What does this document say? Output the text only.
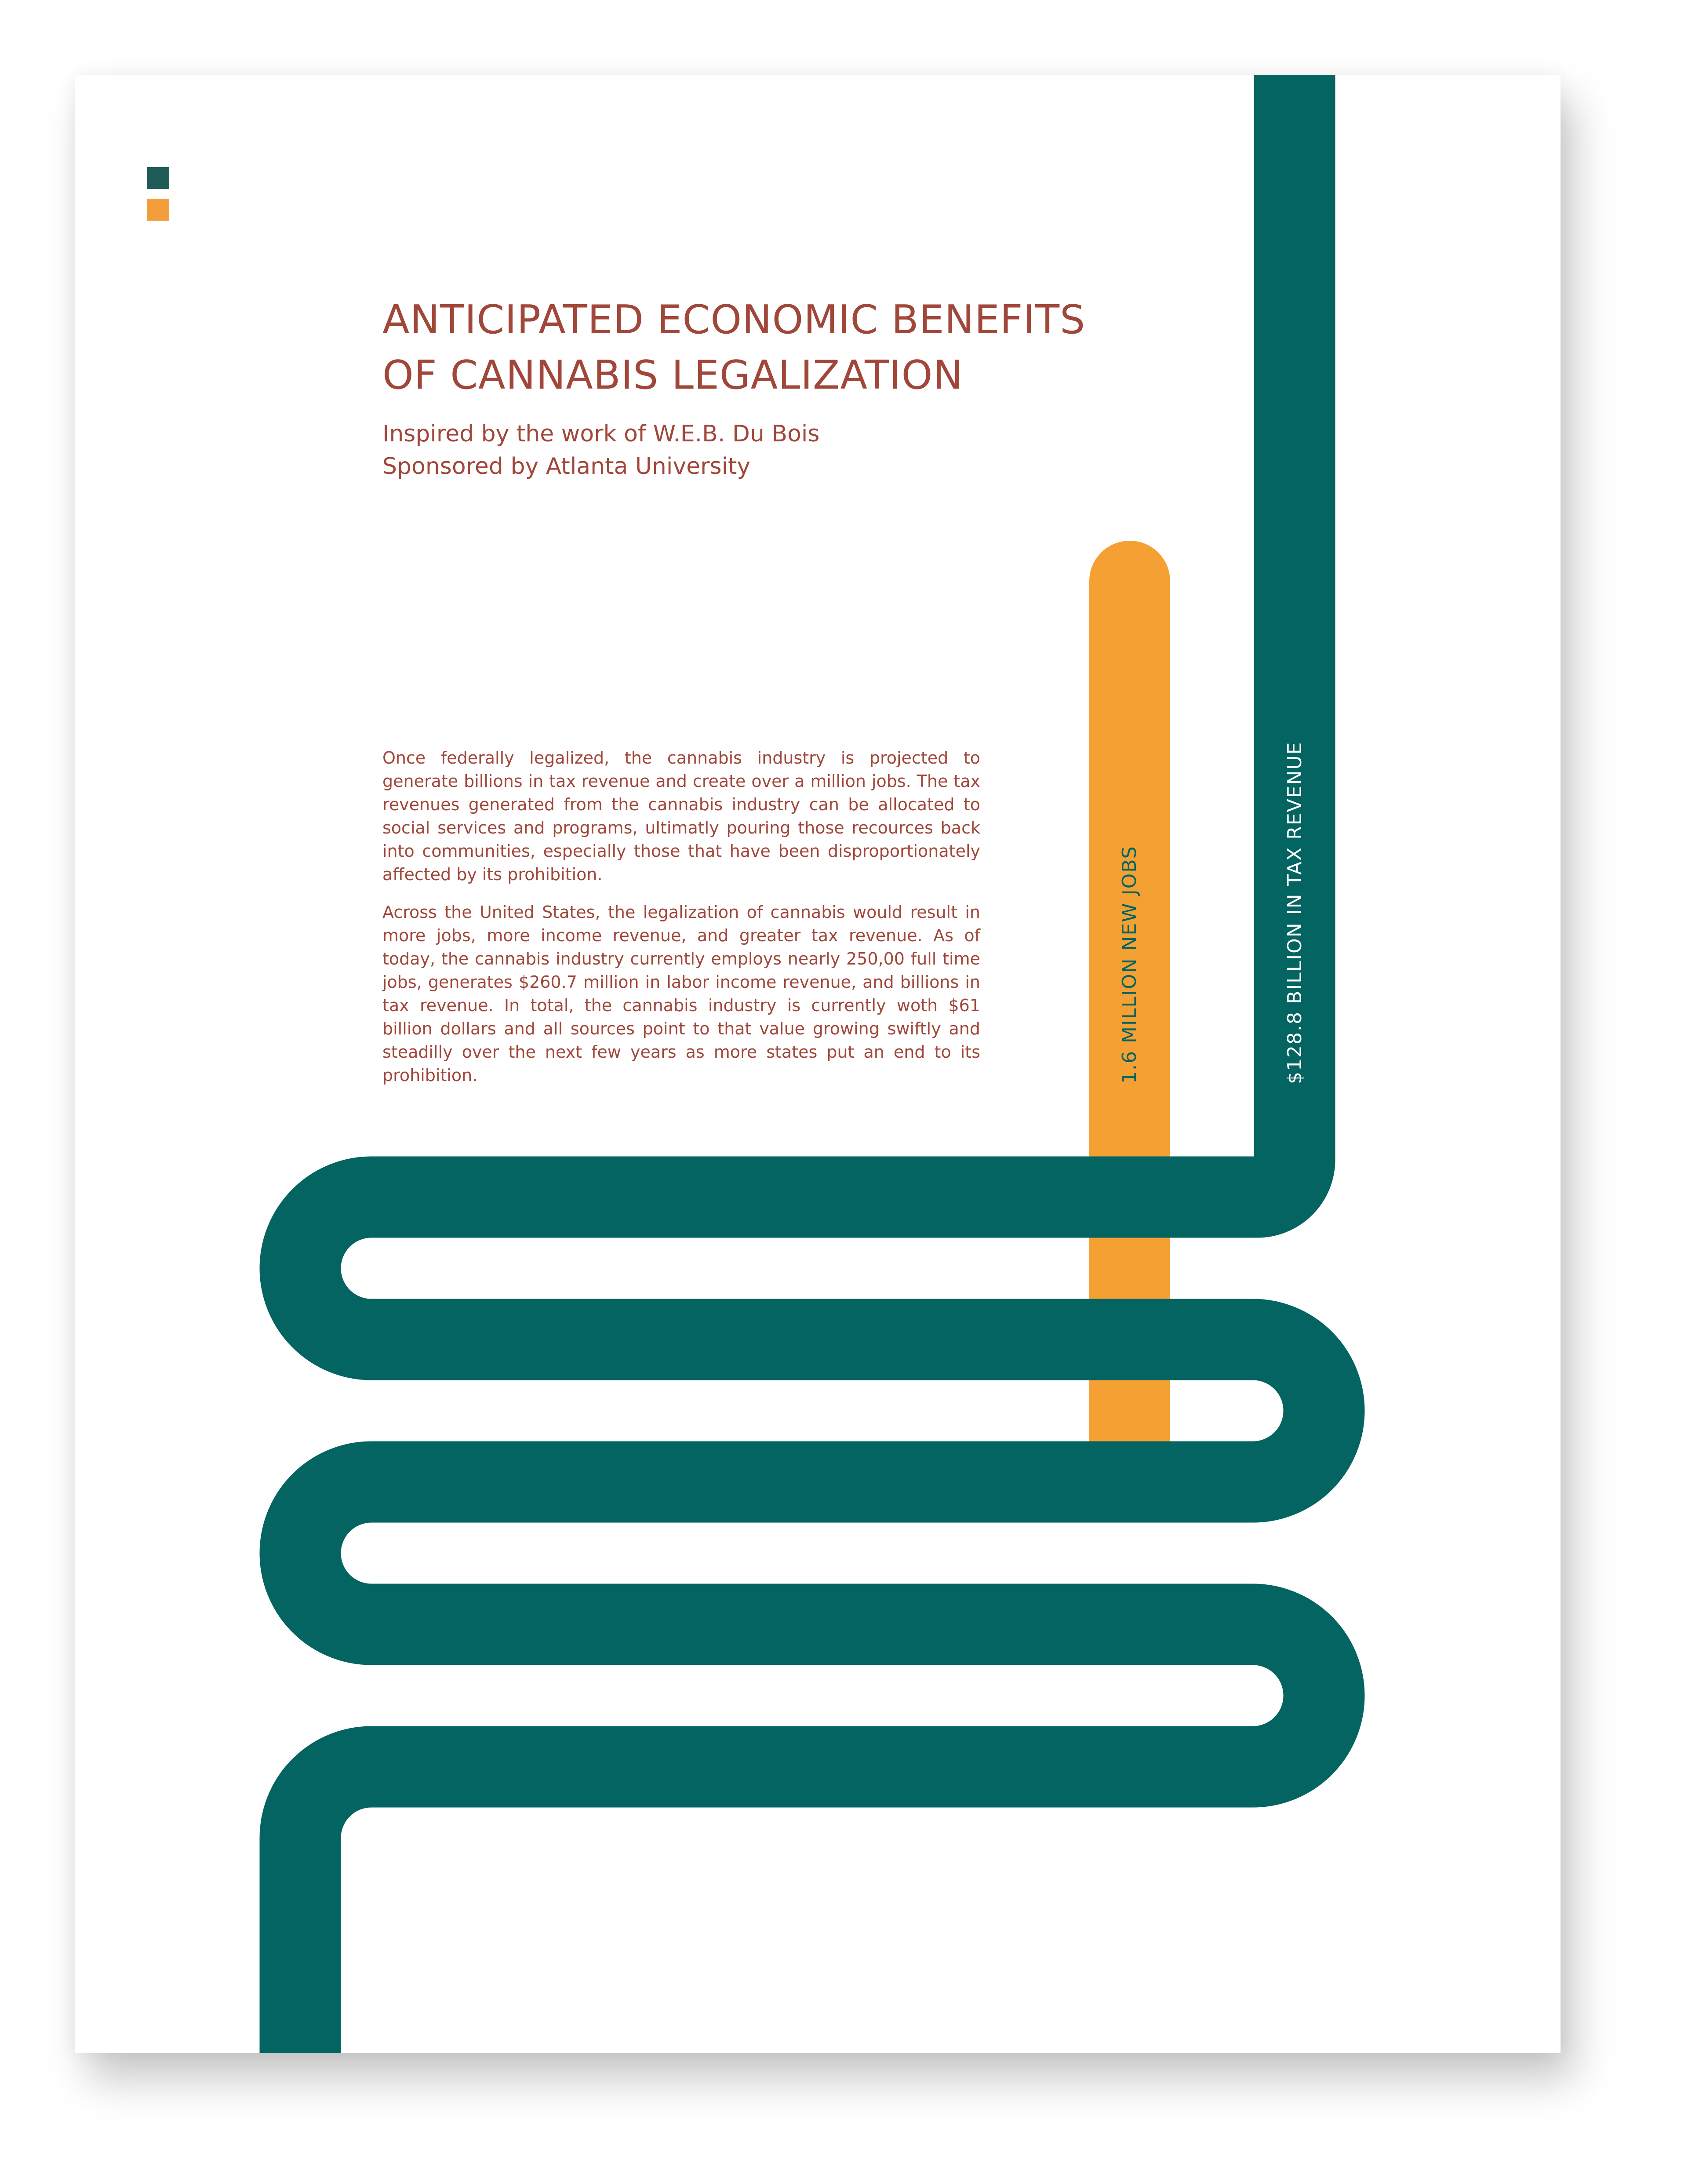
1.6 MILLION NEW JOBS	$128.8 BILLION IN TAX REVENUE
ANTICIPATED ECONOMIC BENEFITS
OF CANNABIS LEGALIZATION
Inspired by the work of W.E.B. Du Bois
Sponsored by Atlanta University

Once federally legalized, the cannabis industry is projected to generate billions in tax revenue and create over a million jobs. The tax revenues generated from the cannabis industry can be allocated to social services and programs, ultimatly pouring those recources back into communities, especially those that have been disproportionately affected by its prohibition.

Across the United States, the legalization of cannabis would result in more jobs, more income revenue, and greater tax revenue. As of today, the cannabis industry currently employs nearly 250,00 full time jobs, generates $260.7 million in labor income revenue, and billions in tax revenue. In total, the cannabis industry is currently woth $61 billion dollars and all sources point to that value growing swiftly and steadilly over the next few years as more states put an end to its prohibition.
